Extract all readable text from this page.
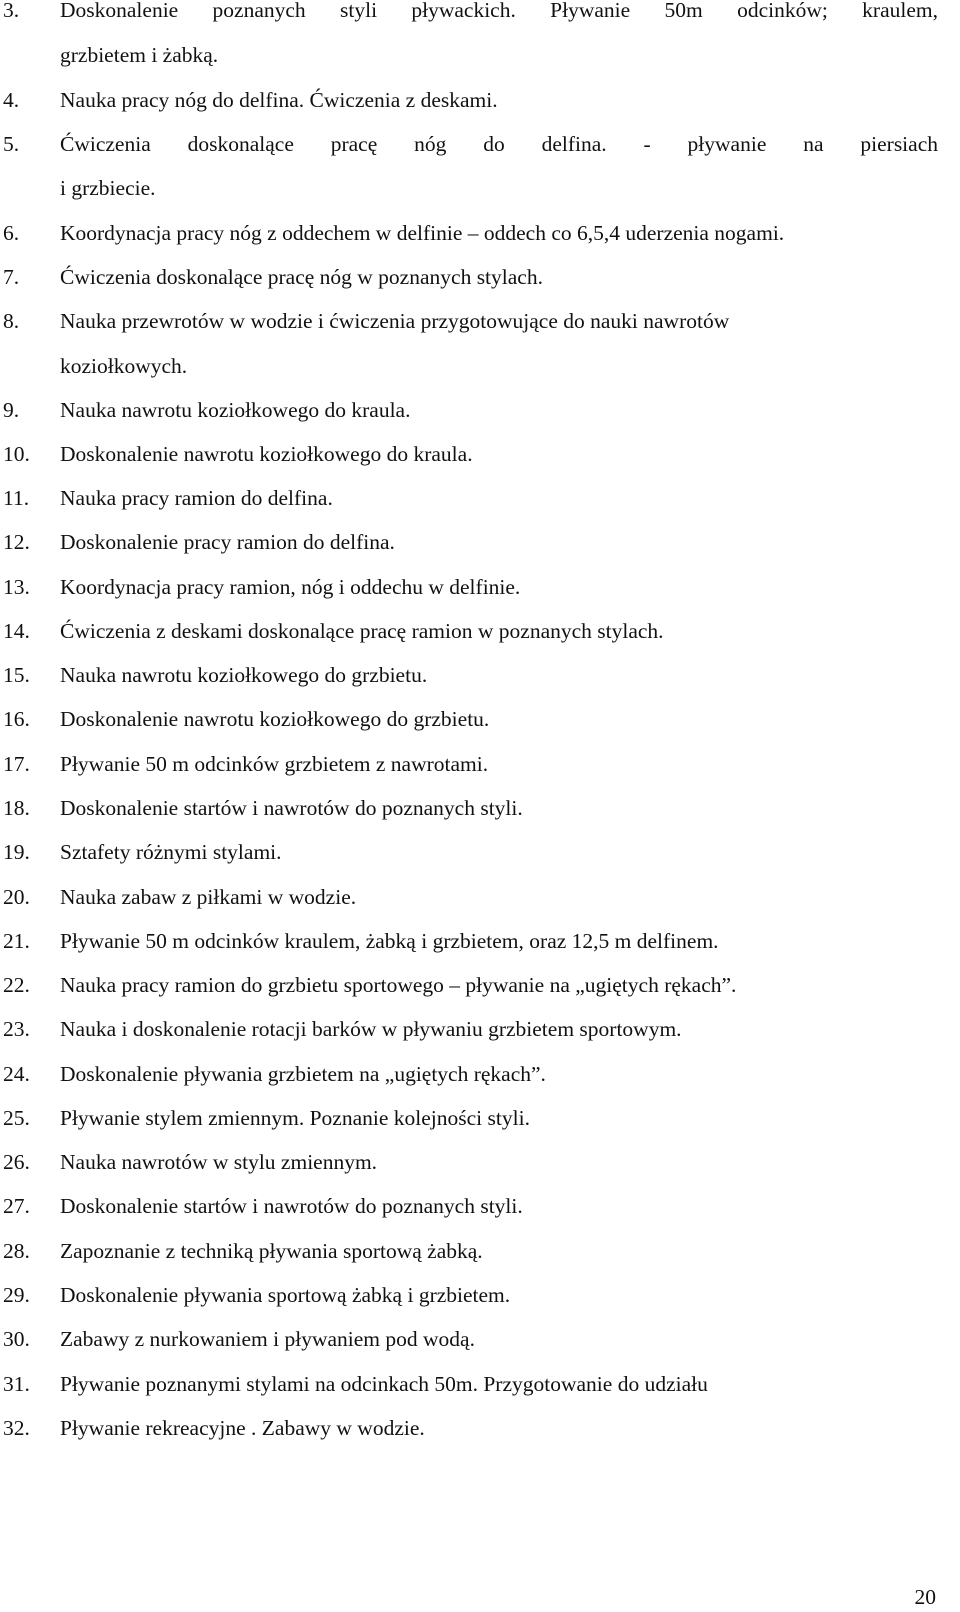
3. Doskonalenie poznanych stylі pływackich. Pływanie 50m odcinków; kraulem,
grzbietem i żabką.
4. Nauka pracy nóg do delfina. Ćwiczenia z deskami.
5. Ćwiczenia doskonalące pracę nóg do delfina. - pływanie na piersiach
i grzbiecie.
6. Koordynacja pracy nóg z oddechem w delfinie – oddech co 6,5,4 uderzenia nogami.
7. Ćwiczenia doskonalące pracę nóg w poznanych stylach.
8. Nauka przewrotów w wodzie i ćwiczenia przygotowujące do nauki nawrotów
koziołkowych.
9. Nauka nawrotu koziołkowego do kraula.
10. Doskonalenie nawrotu koziołkowego do kraula.
11. Nauka pracy ramion do delfina.
12. Doskonalenie pracy ramion do delfina.
13. Koordynacja pracy ramion, nóg i oddechu w delfinie.
14. Ćwiczenia z deskami doskonalące pracę ramion w poznanych stylach.
15. Nauka nawrotu koziołkowego do grzbietu.
16. Doskonalenie nawrotu koziołkowego do grzbietu.
17. Pływanie 50 m odcinków grzbietem z nawrotami.
18. Doskonalenie startów i nawrotów do poznanych styli.
19. Sztafety różnymi stylami.
20. Nauka zabaw z piłkami w wodzie.
21. Pływanie 50 m odcinków kraulem, żabką i grzbietem, oraz 12,5 m delfinem.
22. Nauka pracy ramion do grzbietu sportowego – pływanie na „ugiętych rękach”.
23. Nauka i doskonalenie rotacji barków w pływaniu grzbietem sportowym.
24. Doskonalenie pływania grzbietem na „ugiętych rękach”.
25. Pływanie stylem zmiennym. Poznanie kolejności styli.
26. Nauka nawrotów w stylu zmiennym.
27. Doskonalenie startów i nawrotów do poznanych styli.
28. Zapoznanie z techniką pływania sportową żabką.
29. Doskonalenie pływania sportową żabką i grzbietem.
30. Zabawy z nurkowaniem i pływaniem pod wodą.
31. Pływanie poznanymi stylami na odcinkach 50m. Przygotowanie do udziału
32. Pływanie rekreacyjne . Zabawy w wodzie.
20
